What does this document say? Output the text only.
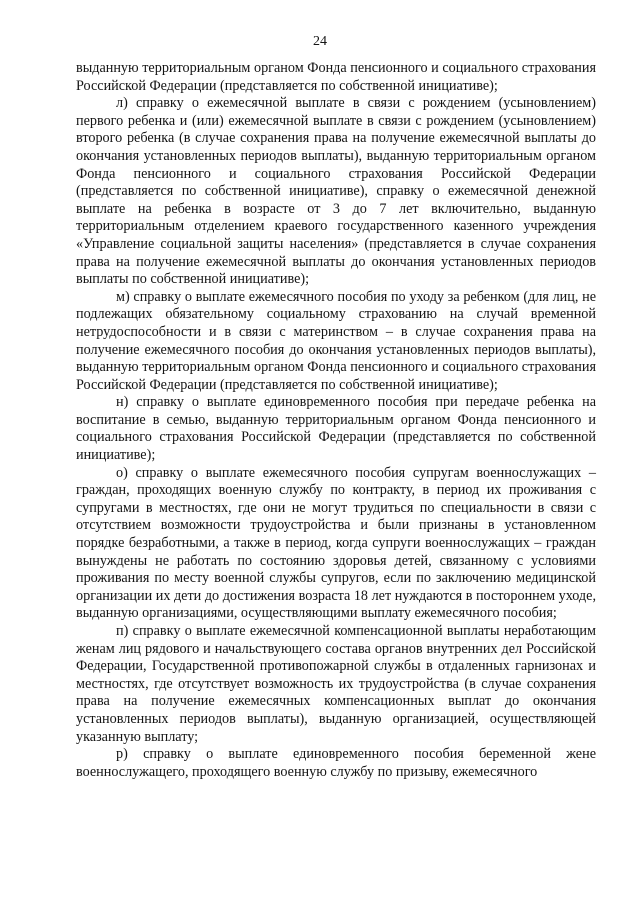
24

выданную территориальным органом Фонда пенсионного и социального страхования Российской Федерации (представляется по собственной инициативе);

л) справку о ежемесячной выплате в связи с рождением (усыновлением) первого ребенка и (или) ежемесячной выплате в связи с рождением (усыновлением) второго ребенка (в случае сохранения права на получение ежемесячной выплаты до окончания установленных периодов выплаты), выданную территориальным органом Фонда пенсионного и социального страхования Российской Федерации (представляется по собственной инициативе), справку о ежемесячной денежной выплате на ребенка в возрасте от 3 до 7 лет включительно, выданную территориальным отделением краевого государственного казенного учреждения «Управление социальной защиты населения» (представляется в случае сохранения права на получение ежемесячной выплаты до окончания установленных периодов выплаты по собственной инициативе);

м) справку о выплате ежемесячного пособия по уходу за ребенком (для лиц, не подлежащих обязательному социальному страхованию на случай временной нетрудоспособности и в связи с материнством – в случае сохранения права на получение ежемесячного пособия до окончания установленных периодов выплаты), выданную территориальным органом Фонда пенсионного и социального страхования Российской Федерации (представляется по собственной инициативе);

н) справку о выплате единовременного пособия при передаче ребенка на воспитание в семью, выданную территориальным органом Фонда пенсионного и социального страхования Российской Федерации (представляется по собственной инициативе);

о) справку о выплате ежемесячного пособия супругам военнослужащих – граждан, проходящих военную службу по контракту, в период их проживания с супругами в местностях, где они не могут трудиться по специальности в связи с отсутствием возможности трудоустройства и были признаны в установленном порядке безработными, а также в период, когда супруги военнослужащих – граждан вынуждены не работать по состоянию здоровья детей, связанному с условиями проживания по месту военной службы супругов, если по заключению медицинской организации их дети до достижения возраста 18 лет нуждаются в постороннем уходе, выданную организациями, осуществляющими выплату ежемесячного пособия;

п) справку о выплате ежемесячной компенсационной выплаты неработающим женам лиц рядового и начальствующего состава органов внутренних дел Российской Федерации, Государственной противопожарной службы в отдаленных гарнизонах и местностях, где отсутствует возможность их трудоустройства (в случае сохранения права на получение ежемесячных компенсационных выплат до окончания установленных периодов выплаты), выданную организацией, осуществляющей указанную выплату;

р) справку о выплате единовременного пособия беременной жене военнослужащего, проходящего военную службу по призыву, ежемесячного
